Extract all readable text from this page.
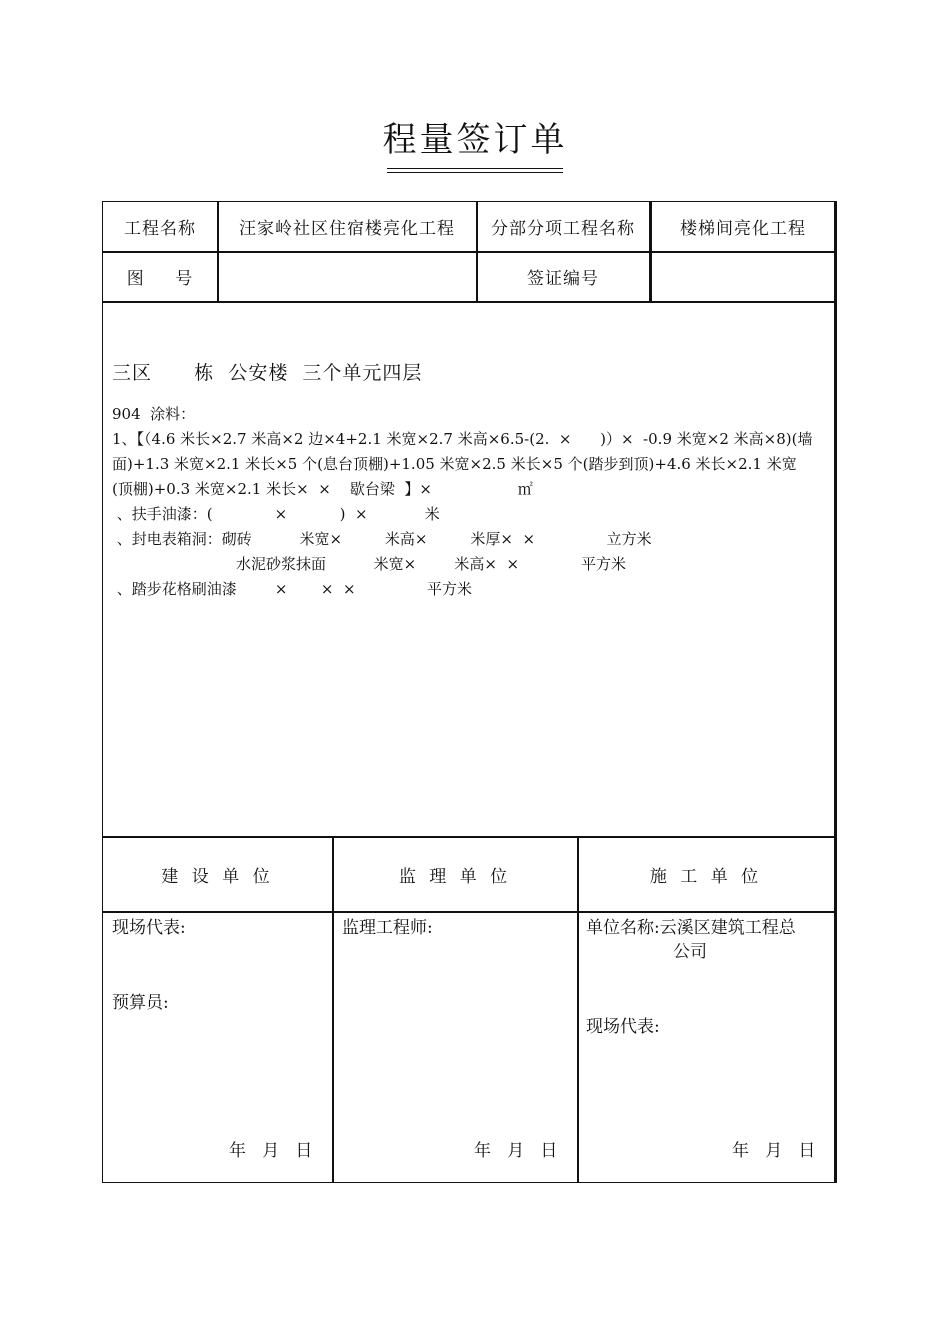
程量签订单
工程名称	汪家岭社区住宿楼亮化工程	分部分项工程名称	楼梯间亮化工程
图 号	签证编号
三区      栋  公安楼  三个单元四层
904  涂料：
1、【（4.6 米长×2.7 米高×2 边×4+2.1 米宽×2.7 米高×6.5-(2.  ×      )）×  -0.9 米宽×2 米高×8)(墙
面)+1.3 米宽×2.1 米长×5 个(息台顶棚)+1.05 米宽×2.5 米长×5 个(踏步到顶)+4.6 米长×2.1 米宽
(顶棚)+0.3 米宽×2.1 米长×  ×    歇台梁  】×                  ㎡
、扶手油漆：(             ×           )  ×            米
、封电表箱洞：砌砖          米宽×         米高×         米厚×  ×               立方米
水泥砂浆抹面          米宽×        米高×  ×             平方米
、踏步花格刷油漆        ×       ×  ×               平方米
建 设 单 位	监 理 单 位	施 工 单 位
现场代表:
预算员:
年   月   日
监理工程师:
年   月   日
单位名称:云溪区建筑工程总
公司
现场代表:
年   月   日
